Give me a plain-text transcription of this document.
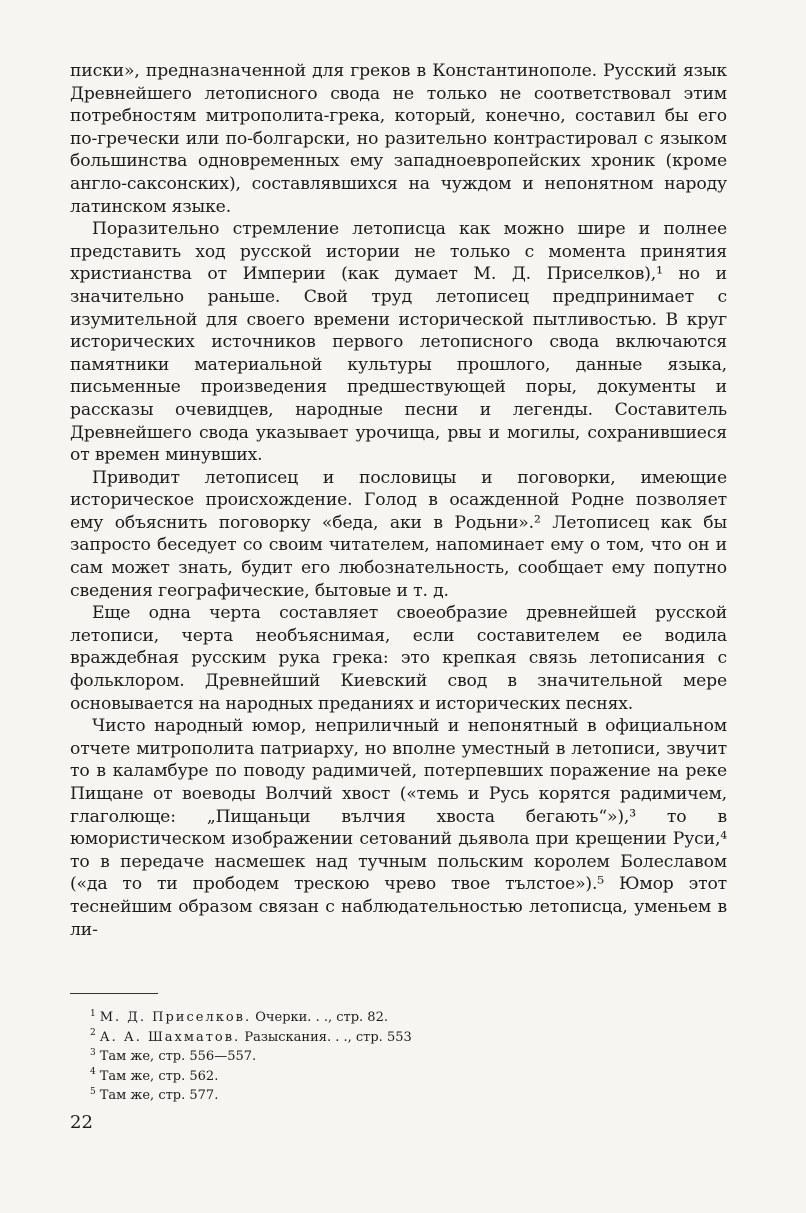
писки», предназначенной для греков в Константинополе. Русский язык Древнейшего летописного свода не только не соответствовал этим потребностям митрополита-грека, который, конечно, составил бы его по-гречески или по-болгарски, но разительно контрастировал с языком большинства одновременных ему западноевропейских хроник (кроме англо-саксонских), составлявшихся на чуждом и непонятном народу латинском языке.

Поразительно стремление летописца как можно шире и полнее представить ход русской истории не только с момента принятия христианства от Империи (как думает М. Д. Приселков),¹ но и значительно раньше. Свой труд летописец предпринимает с изумительной для своего времени исторической пытливостью. В круг исторических источников первого летописного свода включаются памятники материальной культуры прошлого, данные языка, письменные произведения предшествующей поры, документы и рассказы очевидцев, народные песни и легенды. Составитель Древнейшего свода указывает урочища, рвы и могилы, сохранившиеся от времен минувших.

Приводит летописец и пословицы и поговорки, имеющие историческое происхождение. Голод в осажденной Родне позволяет ему объяснить поговорку «беда, аки в Родьни».² Летописец как бы запросто беседует со своим читателем, напоминает ему о том, что он и сам может знать, будит его любознательность, сообщает ему попутно сведения географические, бытовые и т. д.

Еще одна черта составляет своеобразие древнейшей русской летописи, черта необъяснимая, если составителем ее водила враждебная русским рука грека: это крепкая связь летописания с фольклором. Древнейший Киевский свод в значительной мере основывается на народных преданиях и исторических песнях.

Чисто народный юмор, неприличный и непонятный в официальном отчете митрополита патриарху, но вполне уместный в летописи, звучит то в каламбуре по поводу радимичей, потерпевших поражение на реке Пищане от воеводы Волчий хвост («темь и Русь корятся радимичем, глаголюще: „Пищаньци вълчия хвоста бегають“»),³ то в юмористическом изображении сетований дьявола при крещении Руси,⁴ то в передаче насмешек над тучным польским королем Болеславом («да то ти прободем трескою чрево твое тълстое»).⁵ Юмор этот теснейшим образом связан с наблюдательностью летописца, уменьем в ли-

$^1$ М. Д. Приселков. Очерки. . ., стр. 82.

$^2$ А. А. Шахматов. Разыскания. . ., стр. 553

$^3$ Там же, стр. 556—557.

$^4$ Там же, стр. 562.

$^5$ Там же, стр. 577.

22
